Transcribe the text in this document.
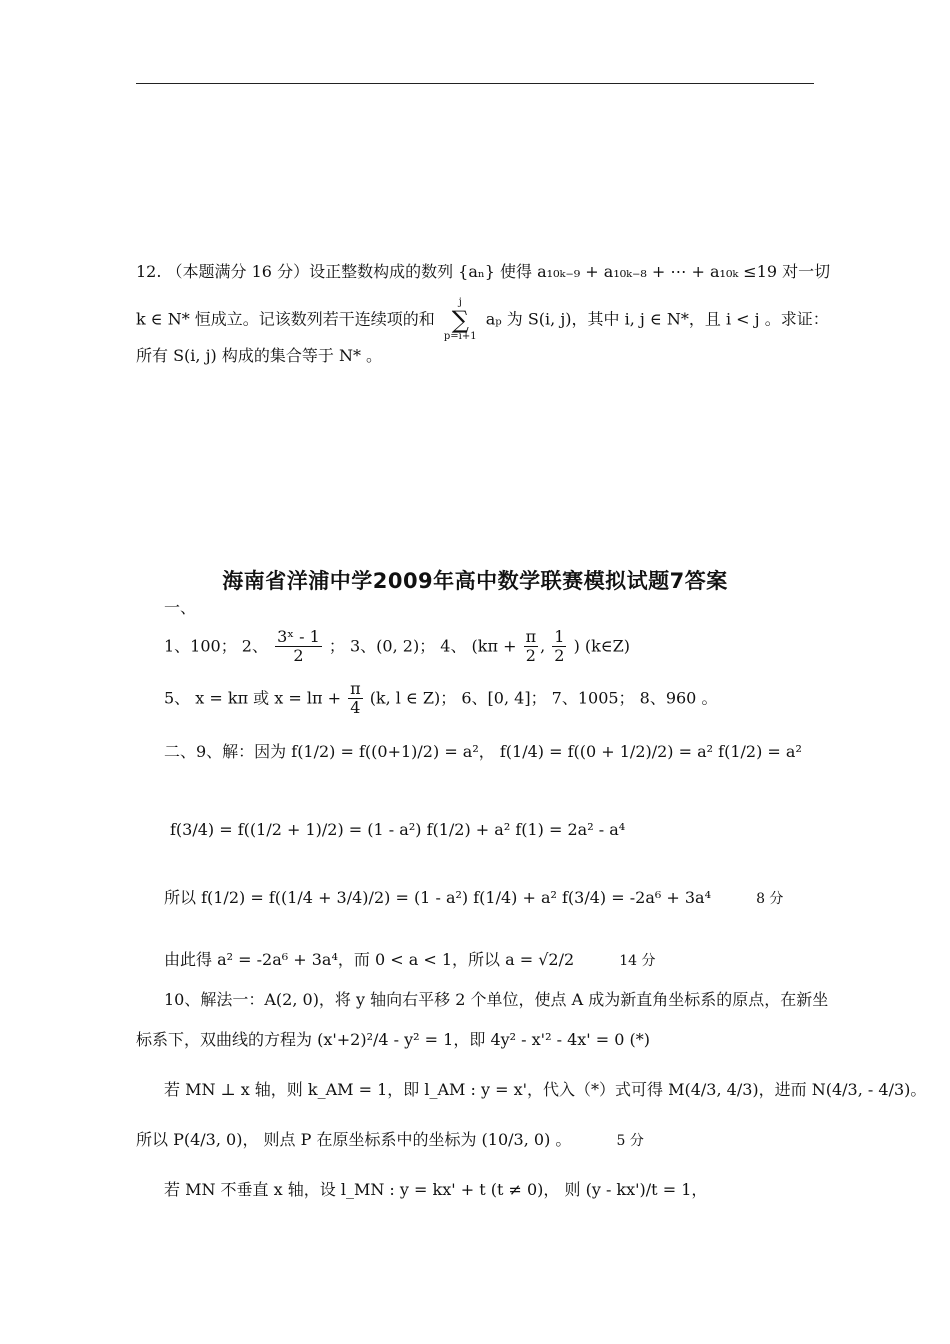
12. （本题满分 16 分）设正整数构成的数列 {aₙ} 使得 a₁₀ₖ₋₉ + a₁₀ₖ₋₈ + ⋯ + a₁₀ₖ ≤19 对一切
k ∈ N* 恒成立。记该数列若干连续项的和 j
∑
p=i+1 aₚ 为 S(i, j)，其中 i, j ∈ N*，且 i < j 。求证：
所有 S(i, j) 构成的集合等于 N* 。
海南省洋浦中学2009年高中数学联赛模拟试题7答案
一、
1、100； 2、 $\frac{\text{3ˣ - 1}}{2}$ ； 3、(0, 2)； 4、 ($k\pi + \frac{\pi}{2}$ , $\frac{1}{2}$ ) (k∈Z)
5、 x = kπ 或 $x = l\pi + \frac{\pi}{4} (k$, l ∈ Z)； 6、[0, 4]； 7、1005； 8、960 。
二、9、解：因为 f(1/2) = f((0+1)/2) = a²， f(1/4) = f((0 + 1/2)/2) = a² f(1/2) = a²
f(3/4) = f((1/2 + 1)/2) = (1 - a²) f(1/2) + a² f(1) = 2a² - a⁴
所以 f(1/2) = f((1/4 + 3/4)/2) = (1 - a²) f(1/4) + a² f(3/4) = -2a⁶ + 3a⁴	8 分
由此得 a² = -2a⁶ + 3a⁴，而 0 < a < 1，所以 a = √2/2	14 分
10、解法一：A(2, 0)，将 y 轴向右平移 2 个单位，使点 A 成为新直角坐标系的原点，在新坐
标系下，双曲线的方程为 (x'+2)²/4 - y² = 1，即 4y² - x'² - 4x' = 0 (*)
若 MN ⊥ x 轴，则 k_AM = 1，即 l_AM : y = x'，代入（*）式可得 M(4/3, 4/3)，进而 N(4/3, - 4/3)。
所以 P(4/3, 0)， 则点 P 在原坐标系中的坐标为 (10/3, 0) 。	5 分
若 MN 不垂直 x 轴，设 l_MN : y = kx' + t (t ≠ 0)， 则 (y - kx')/t = 1，
